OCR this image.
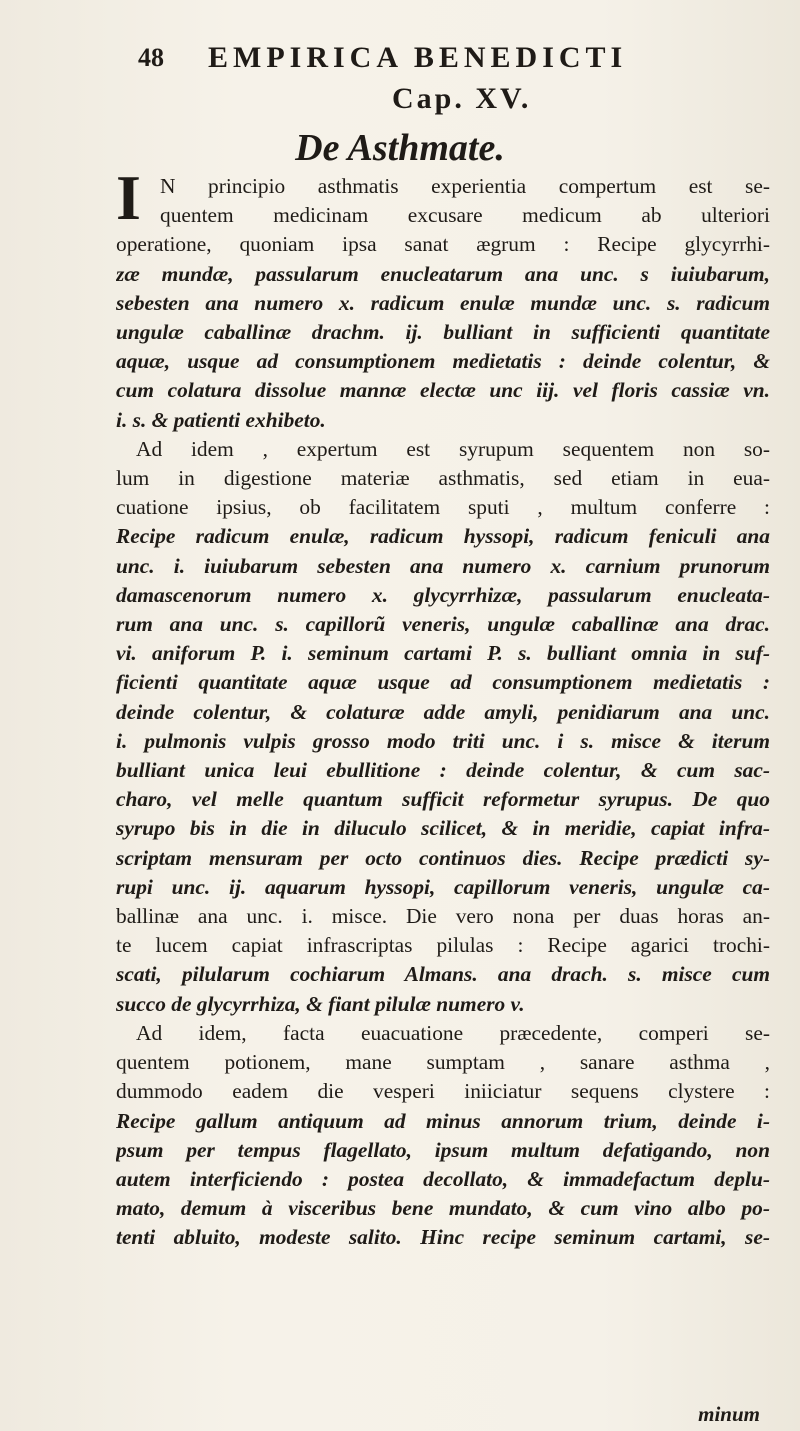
48	EMPIRICA BENEDICTI
Cap. XV.
De Asthmate.
I N principio asthmatis experientia compertum est se-
quentem medicinam excusare medicum ab ulteriori
operatione, quoniam ipsa sanat ægrum : Recipe glycyrrhi-
zæ mundæ, passularum enucleatarum ana unc. s iuiubarum,
sebesten ana numero x. radicum enulæ mundæ unc. s. radicum
ungulæ caballinæ drachm. ij. bulliant in sufficienti quantitate
aquæ, usque ad consumptionem medietatis : deinde colentur, &
cum colatura dissolue mannæ electæ unc iij. vel floris cassiæ vn.
i. s. & patienti exhibeto.
Ad idem , expertum est syrupum sequentem non so-
lum in digestione materiæ asthmatis, sed etiam in eua-
cuatione ipsius, ob facilitatem sputi , multum conferre :
Recipe radicum enulæ, radicum hyssopi, radicum feniculi ana
unc. i. iuiubarum sebesten ana numero x. carnium prunorum
damascenorum numero x. glycyrrhizæ, passularum enucleata-
rum ana unc. s. capillorũ veneris, ungulæ caballinæ ana drac.
vi. aniforum P. i. seminum cartami P. s. bulliant omnia in suf-
ficienti quantitate aquæ usque ad consumptionem medietatis :
deinde colentur, & colaturæ adde amyli, penidiarum ana unc.
i. pulmonis vulpis grosso modo triti unc. i s. misce & iterum
bulliant unica leui ebullitione : deinde colentur, & cum sac-
charo, vel melle quantum sufficit reformetur syrupus. De quo
syrupo bis in die in diluculo scilicet, & in meridie, capiat infra-
scriptam mensuram per octo continuos dies. Recipe prædicti sy-
rupi unc. ij. aquarum hyssopi, capillorum veneris, ungulæ ca-
ballinæ ana unc. i. misce. Die vero nona per duas horas an-
te lucem capiat infrascriptas pilulas : Recipe agarici trochi-
scati, pilularum cochiarum Almans. ana drach. s. misce cum
succo de glycyrrhiza, & fiant pilulæ numero v.
Ad idem, facta euacuatione præcedente, comperi se-
quentem potionem, mane sumptam , sanare asthma ,
dummodo eadem die vesperi iniiciatur sequens clystere :
Recipe gallum antiquum ad minus annorum trium, deinde i-
psum per tempus flagellato, ipsum multum defatigando, non
autem interficiendo : postea decollato, & immadefactum deplu-
mato, demum à visceribus bene mundato, & cum vino albo po-
tenti abluito, modeste salito. Hinc recipe seminum cartami, se-
minum
